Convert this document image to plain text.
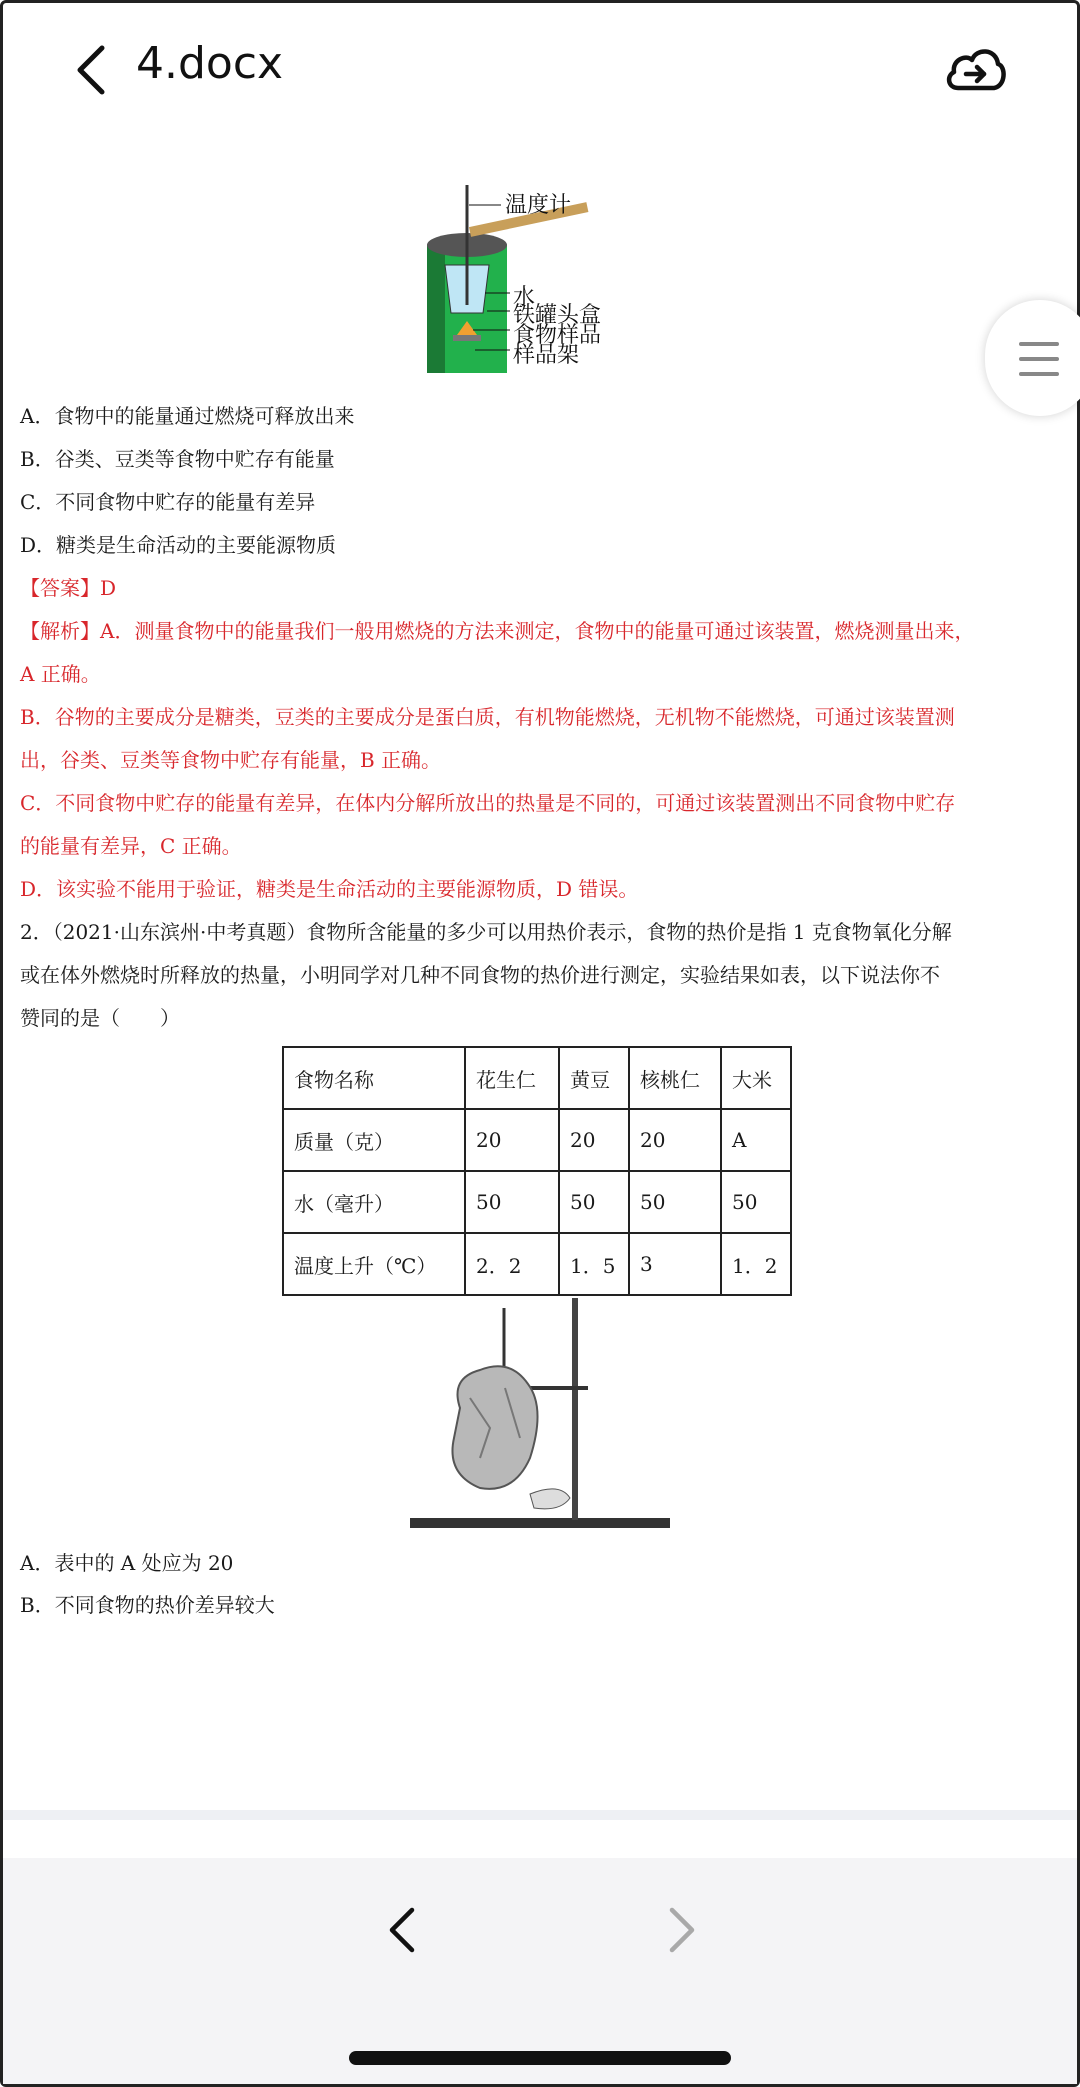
4.docx
温度计
水
铁罐头盒
食物样品
样品架
A．食物中的能量通过燃烧可释放出来
B．谷类、豆类等食物中贮存有能量
C．不同食物中贮存的能量有差异
D．糖类是生命活动的主要能源物质
【答案】D
【解析】A．测量食物中的能量我们一般用燃烧的方法来测定，食物中的能量可通过该装置，燃烧测量出来，
A 正确。
B．谷物的主要成分是糖类，豆类的主要成分是蛋白质，有机物能燃烧，无机物不能燃烧，可通过该装置测
出，谷类、豆类等食物中贮存有能量，B 正确。
C．不同食物中贮存的能量有差异，在体内分解所放出的热量是不同的，可通过该装置测出不同食物中贮存
的能量有差异，C 正确。
D．该实验不能用于验证，糖类是生命活动的主要能源物质，D 错误。
2．（2021·山东滨州·中考真题）食物所含能量的多少可以用热价表示，食物的热价是指 1 克食物氧化分解
或在体外燃烧时所释放的热量，小明同学对几种不同食物的热价进行测定，实验结果如表，以下说法你不
赞同的是（　　）
食物名称	花生仁	黄豆	核桃仁	大米
质量（克）	20	20	20	A
水（毫升）	50	50	50	50
温度上升（℃）	2．2	1．5	3	1．2
A．表中的 A 处应为 20
B．不同食物的热价差异较大
